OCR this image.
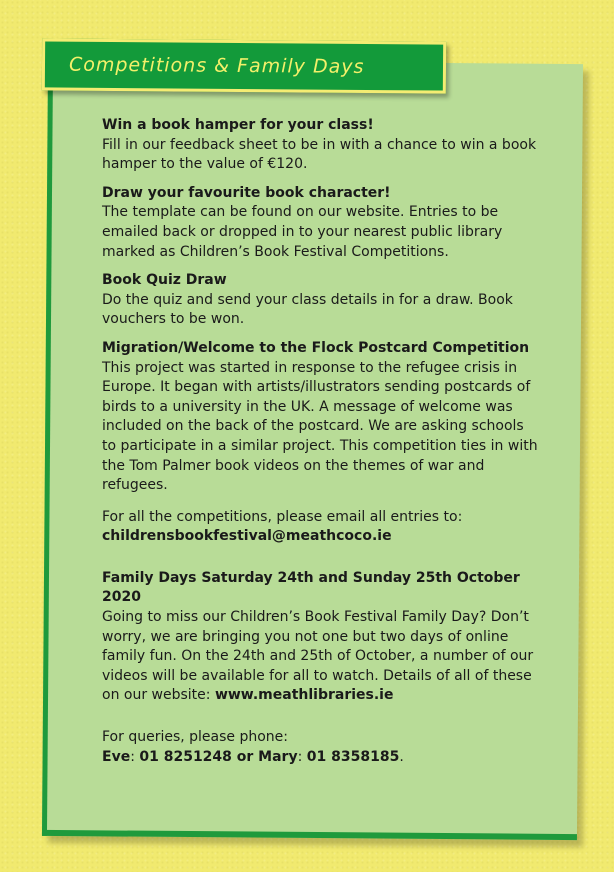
Competitions & Family Days

Win a book hamper for your class!

Fill in our feedback sheet to be in with a chance to win a book hamper to the value of €120.

Draw your favourite book character!

The template can be found on our website. Entries to be emailed back or dropped in to your nearest public library marked as Children’s Book Festival Competitions.

Book Quiz Draw

Do the quiz and send your class details in for a draw. Book vouchers to be won.

Migration/Welcome to the Flock Postcard Competition

This project was started in response to the refugee crisis in Europe. It began with artists/illustrators sending postcards of birds to a university in the UK. A message of welcome was included on the back of the postcard. We are asking schools to participate in a similar project. This competition ties in with the Tom Palmer book videos on the themes of war and refugees.

For all the competitions, please email all entries to:

childrensbookfestival@meathcoco.ie

Family Days Saturday 24th and Sunday 25th October 2020

Going to miss our Children’s Book Festival Family Day? Don’t worry, we are bringing you not one but two days of online family fun. On the 24th and 25th of October, a number of our videos will be available for all to watch. Details of all of these on our website: www.meathlibraries.ie

For queries, please phone:

Eve: 01 8251248 or Mary: 01 8358185.
